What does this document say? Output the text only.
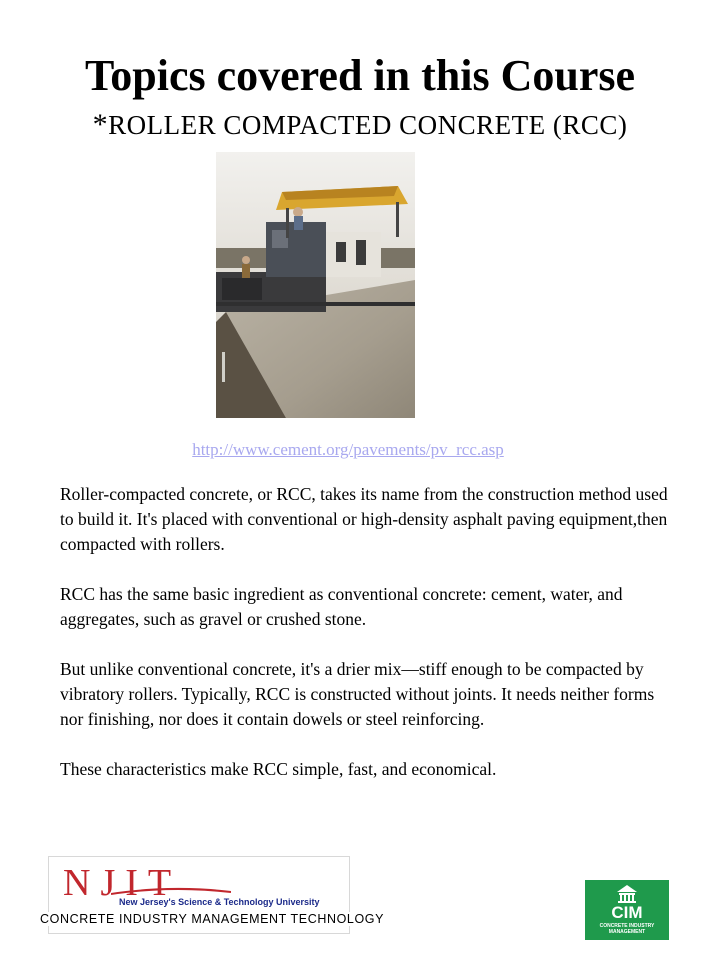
Topics covered in this Course
*ROLLER COMPACTED CONCRETE (RCC)
http://www.cement.org/pavements/pv_rcc.asp

Roller-compacted concrete, or RCC, takes its name from the construction method used to build it. It's placed with conventional or high-density asphalt paving equipment,then compacted with rollers.

RCC has the same basic ingredient as conventional concrete: cement, water, and aggregates, such as gravel or crushed stone.

But unlike conventional concrete, it's a drier mix—stiff enough to be compacted by vibratory rollers. Typically, RCC is constructed without joints. It needs neither forms nor finishing, nor does it contain dowels or steel reinforcing.

These characteristics make RCC simple, fast, and economical.

NJIT
New Jersey's Science & Technology University
CONCRETE INDUSTRY MANAGEMENT TECHNOLOGY	CIM
CONCRETE INDUSTRY MANAGEMENT
